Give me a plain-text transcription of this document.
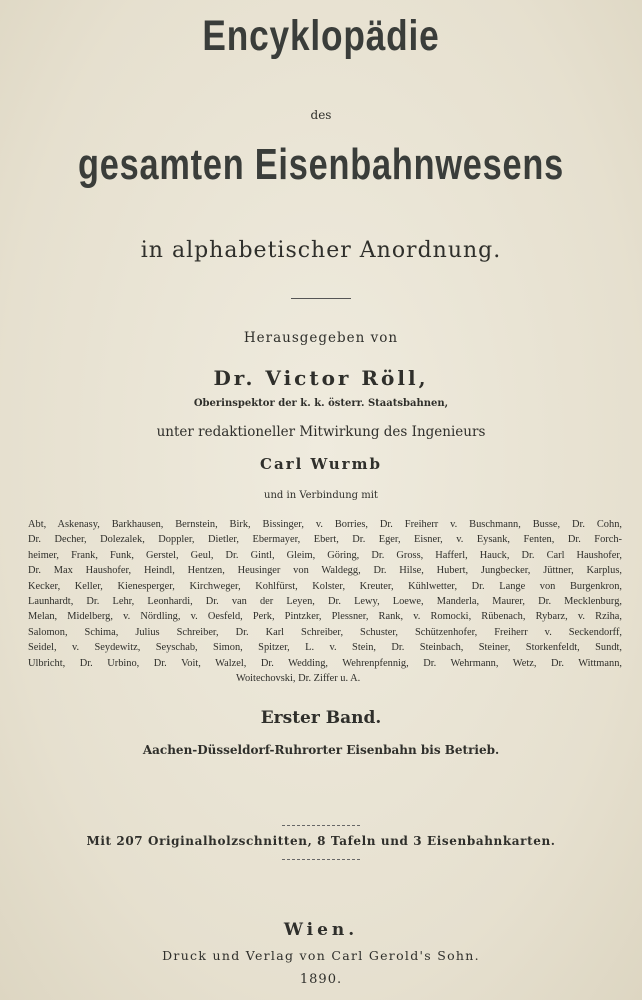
Encyklopädie
des
gesamten Eisenbahnwesens
in alphabetischer Anordnung.
Herausgegeben von
Dr. Victor Röll,
Oberinspektor der k. k. österr. Staatsbahnen,
unter redaktioneller Mitwirkung des Ingenieurs
Carl Wurmb
und in Verbindung mit
Abt, Askenasy, Barkhausen, Bernstein, Birk, Bissinger, v. Borries, Dr. Freiherr v. Buschmann, Busse, Dr. Cohn,
Dr. Decher, Dolezalek, Doppler, Dietler, Ebermayer, Ebert, Dr. Eger, Eisner, v. Eysank, Fenten, Dr. Forch-
heimer, Frank, Funk, Gerstel, Geul, Dr. Gintl, Gleim, Göring, Dr. Gross, Hafferl, Hauck, Dr. Carl Haushofer,
Dr. Max Haushofer, Heindl, Hentzen, Heusinger von Waldegg, Dr. Hilse, Hubert, Jungbecker, Jüttner, Karplus,
Kecker, Keller, Kienesperger, Kirchweger, Kohlfürst, Kolster, Kreuter, Kühlwetter, Dr. Lange von Burgenkron,
Launhardt, Dr. Lehr, Leonhardi, Dr. van der Leyen, Dr. Lewy, Loewe, Manderla, Maurer, Dr. Mecklenburg,
Melan, Midelberg, v. Nördling, v. Oesfeld, Perk, Pintzker, Plessner, Rank, v. Romocki, Rübenach, Rybarz, v. Rziha,
Salomon, Schima, Julius Schreiber, Dr. Karl Schreiber, Schuster, Schützenhofer, Freiherr v. Seckendorff,
Seidel, v. Seydewitz, Seyschab, Simon, Spitzer, L. v. Stein, Dr. Steinbach, Steiner, Storkenfeldt, Sundt,
Ulbricht, Dr. Urbino, Dr. Voit, Walzel, Dr. Wedding, Wehrenpfennig, Dr. Wehrmann, Wetz, Dr. Wittmann,
Woitechovski, Dr. Ziffer u. A.
Erster Band.
Aachen-Düsseldorf-Ruhrorter Eisenbahn bis Betrieb.
Mit 207 Originalholzschnitten, 8 Tafeln und 3 Eisenbahnkarten.
Wien.
Druck und Verlag von Carl Gerold's Sohn.
1890.
